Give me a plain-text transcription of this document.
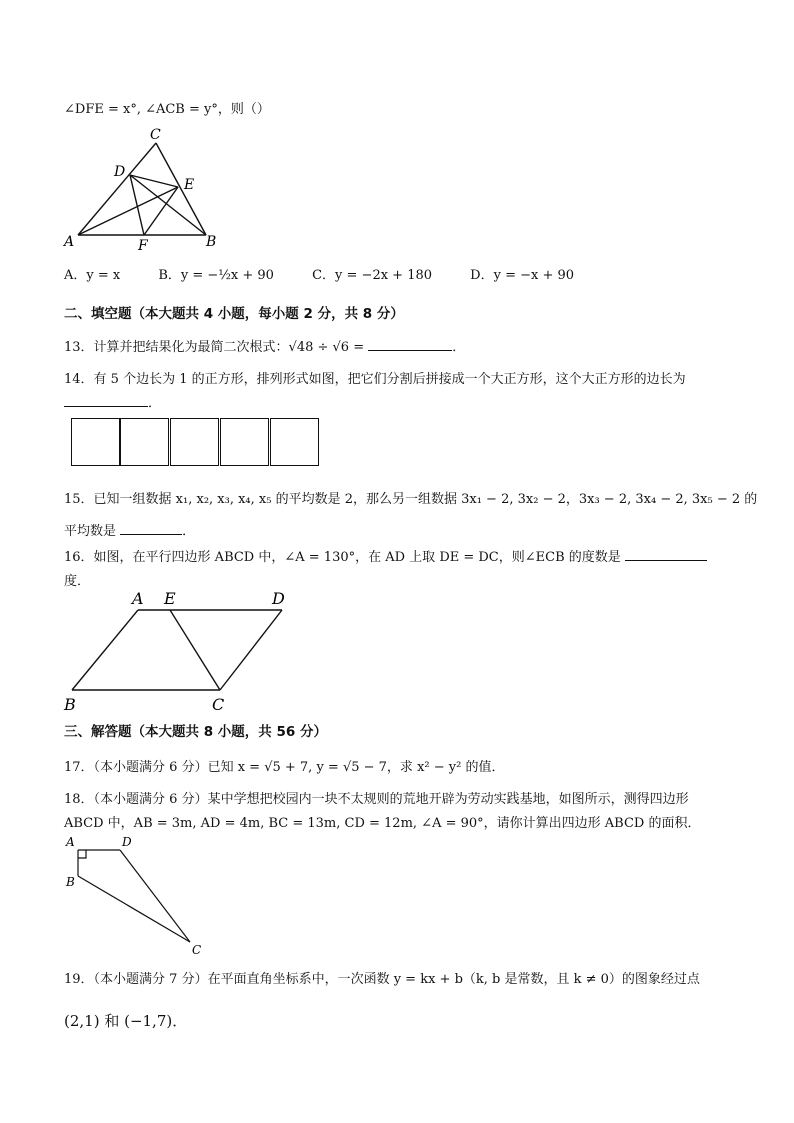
∠DFE = x°, ∠ACB = y°，则（）
C
D
E
A	F	B
A．y = x	B．y = −½x + 90	C．y = −2x + 180	D．y = −x + 90
二、填空题（本大题共 4 小题，每小题 2 分，共 8 分）
13．计算并把结果化为最简二次根式：√48 ÷ √6 =	．
14．有 5 个边长为 1 的正方形，排列形式如图，把它们分割后拼接成一个大正方形，这个大正方形的边长为
．
15．已知一组数据 x₁, x₂, x₃, x₄, x₅ 的平均数是 2，那么另一组数据 3x₁ − 2, 3x₂ − 2，3x₃ − 2, 3x₄ − 2, 3x₅ − 2 的
平均数是	．
16．如图，在平行四边形 ABCD 中，∠A = 130°，在 AD 上取 DE = DC，则∠ECB 的度数是
度．
A E	D
B	C
三、解答题（本大题共 8 小题，共 56 分）
17．（本小题满分 6 分）已知 x = √5 + 7, y = √5 − 7，求 x² − y² 的值．
18．（本小题满分 6 分）某中学想把校园内一块不太规则的荒地开辟为劳动实践基地，如图所示，测得四边形
ABCD 中，AB = 3m, AD = 4m, BC = 13m, CD = 12m, ∠A = 90°，请你计算出四边形 ABCD 的面积．
A	D
B
C
19．（本小题满分 7 分）在平面直角坐标系中，一次函数 y = kx + b（k, b 是常数，且 k ≠ 0）的图象经过点
(2,1) 和 (−1,7)．
